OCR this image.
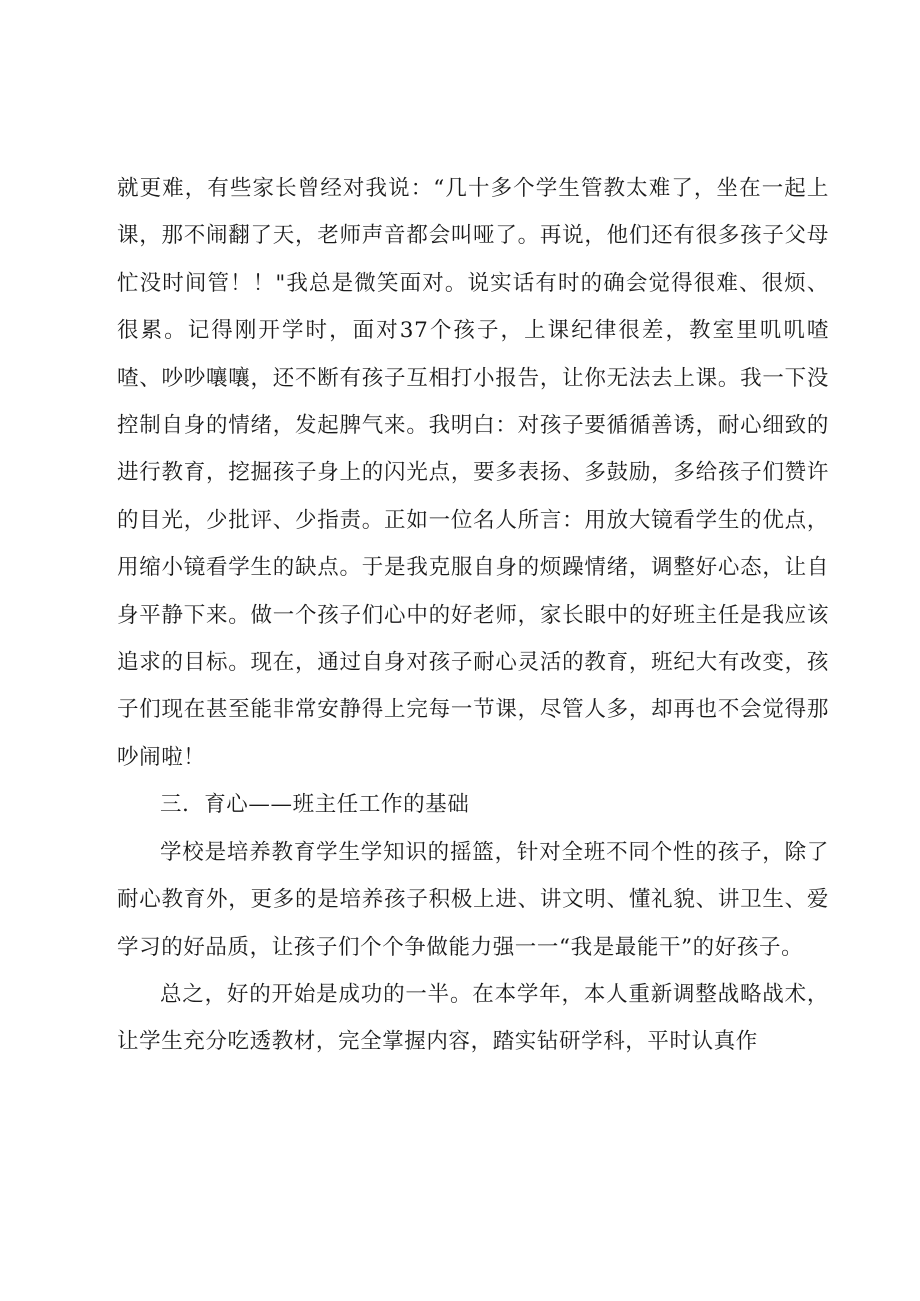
就更难，有些家长曾经对我说：“几十多个学生管教太难了，坐在一起上课，那不闹翻了天，老师声音都会叫哑了。再说，他们还有很多孩子父母忙没时间管！！"我总是微笑面对。说实话有时的确会觉得很难、很烦、很累。记得刚开学时，面对37个孩子，上课纪律很差，教室里叽叽喳喳、吵吵嚷嚷，还不断有孩子互相打小报告，让你无法去上课。我一下没控制自身的情绪，发起脾气来。我明白：对孩子要循循善诱，耐心细致的进行教育，挖掘孩子身上的闪光点，要多表扬、多鼓励，多给孩子们赞许的目光，少批评、少指责。正如一位名人所言：用放大镜看学生的优点，用缩小镜看学生的缺点。于是我克服自身的烦躁情绪，调整好心态，让自身平静下来。做一个孩子们心中的好老师，家长眼中的好班主任是我应该追求的目标。现在，通过自身对孩子耐心灵活的教育，班纪大有改变，孩子们现在甚至能非常安静得上完每一节课，尽管人多，却再也不会觉得那吵闹啦！

三．育心——班主任工作的基础

学校是培养教育学生学知识的摇篮，针对全班不同个性的孩子，除了耐心教育外，更多的是培养孩子积极上进、讲文明、懂礼貌、讲卫生、爱学习的好品质，让孩子们个个争做能力强一一“我是最能干”的好孩子。

总之，好的开始是成功的一半。在本学年，本人重新调整战略战术，让学生充分吃透教材，完全掌握内容，踏实钻研学科，平时认真作
